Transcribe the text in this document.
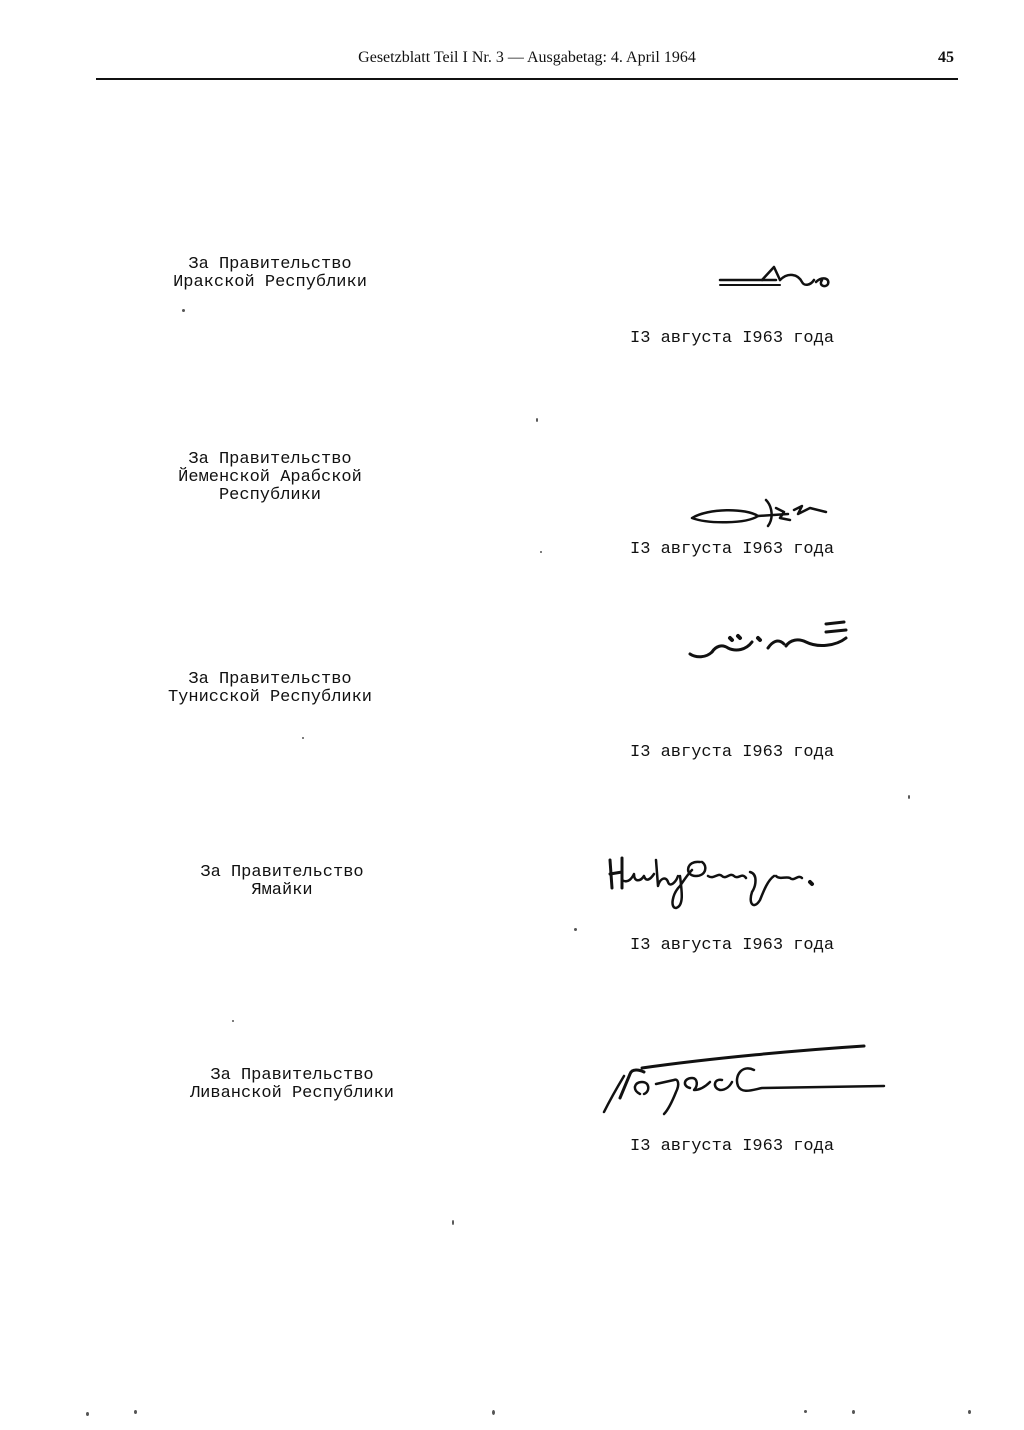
Gesetzblatt Teil I Nr. 3 — Ausgabetag: 4. April 1964	45
За Правительство
Иракской Республики
I3 августа I963 года
За Правительство
Йеменской Арабской
Республики
I3 августа I963 года
За Правительство
Тунисской Республики
I3 августа I963 года
За Правительство
Ямайки
I3 августа I963 года
За Правительство
Ливанской Республики
I3 августа I963 года
